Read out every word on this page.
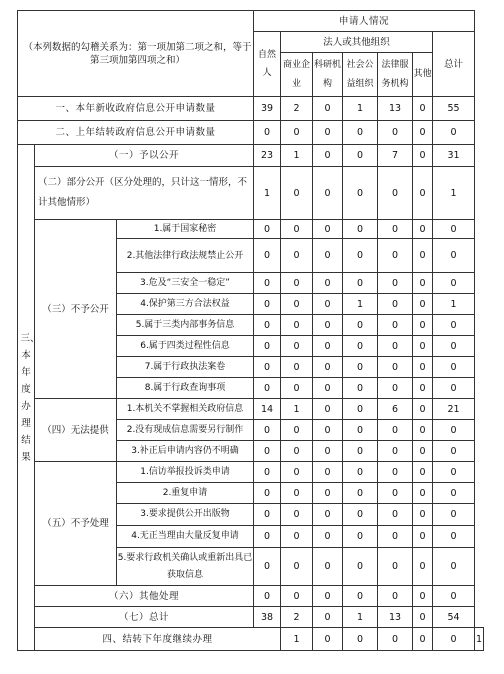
（本列数据的勾稽关系为：第一项加第二项之和，等于第三项加第四项之和）			申请人情况							
			自然人	法人或其他组织					总计	
				商业企业	科研机构	社会公益组织	法律服务机构	其他		
一、本年新收政府信息公开申请数量			39	2	0	1	13	0	55	
二、上年结转政府信息公开申请数量			0	0	0	0	0	0	0	
三、本年度办理结果	（一）予以公开		23	1	0	0	7	0	31	
	（二）部分公开（区分处理的，只计这一情形，不计其他情形）		1	0	0	0	0	0	1	
	（三）不予公开	1.属于国家秘密	0	0	0	0	0	0	0	
		2.其他法律行政法规禁止公开	0	0	0	0	0	0	0	
		3.危及“三安全一稳定”	0	0	0	0	0	0	0	
		4.保护第三方合法权益	0	0	0	1	0	0	1	
		5.属于三类内部事务信息	0	0	0	0	0	0	0	
		6.属于四类过程性信息	0	0	0	0	0	0	0	
		7.属于行政执法案卷	0	0	0	0	0	0	0	
		8.属于行政查询事项	0	0	0	0	0	0	0	
	（四）无法提供	1.本机关不掌握相关政府信息	14	1	0	0	6	0	21	
		2.没有现成信息需要另行制作	0	0	0	0	0	0	0	
		3.补正后申请内容仍不明确	0	0	0	0	0	0	0	
	（五）不予处理	1.信访举报投诉类申请	0	0	0	0	0	0	0	
		2.重复申请	0	0	0	0	0	0	0	
		3.要求提供公开出版物	0	0	0	0	0	0	0	
		4.无正当理由大量反复申请	0	0	0	0	0	0	0	
		5.要求行政机关确认或重新出具已获取信息	0	0	0	0	0	0	0	
	（六）其他处理		0	0	0	0	0	0	0	
	（七）总计		38	2	0	1	13	0	54	
	四、结转下年度继续办理			1	0	0	0	0	0	1
